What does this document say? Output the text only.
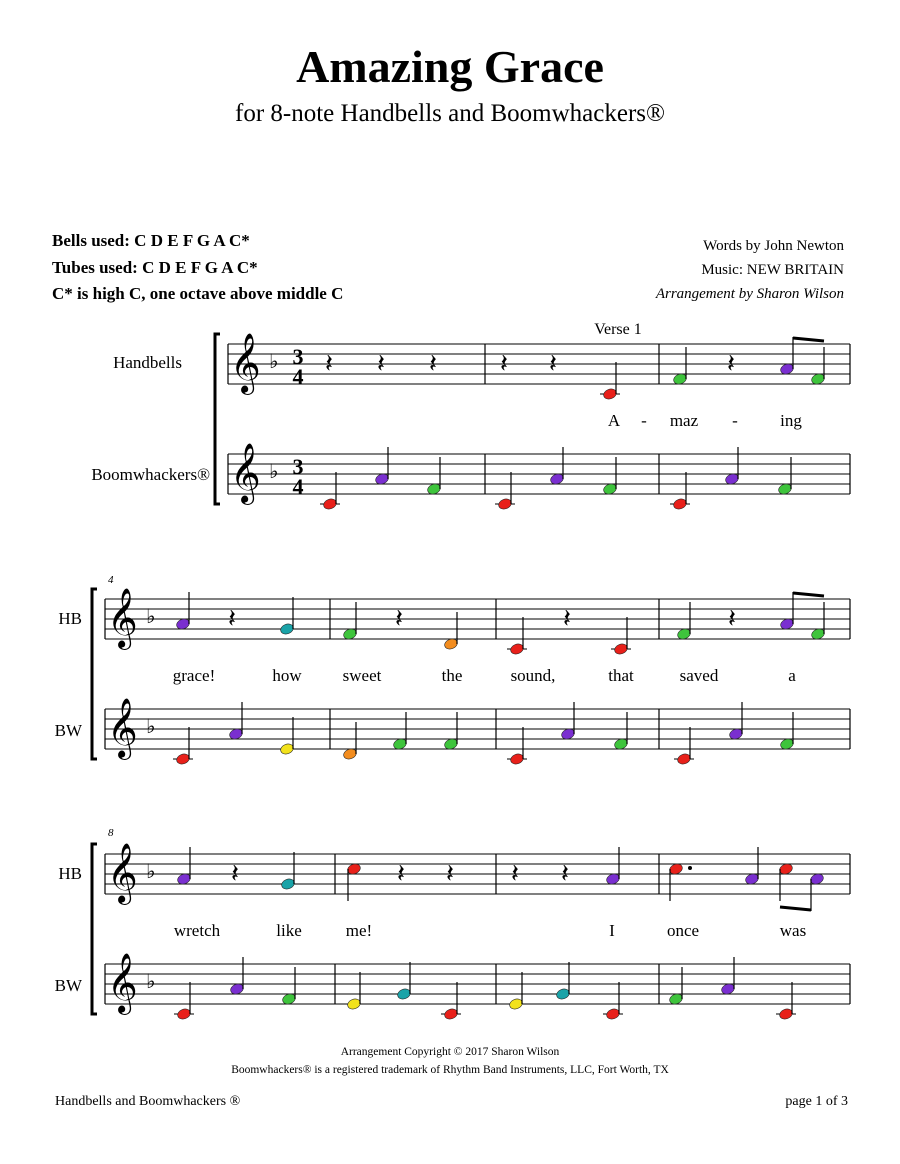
Amazing Grace
for 8-note Handbells and Boomwhackers®
Bells used: C D E F G A C*
Tubes used: C D E F G A C*
C* is high C, one octave above middle C
Words by John Newton
Music: NEW BRITAIN
Arrangement by Sharon Wilson
Verse 1
Handbells
Boomwhackers®
HB
BW
HB
BW
4
8
A - maz - ing
grace!	how sweet	the	sound,	that	saved	a
wretch	like	me!	I	once	was
3
4
3
4
𝄞 ♭
𝄞 ♭
𝄞 ♭
𝄞 ♭
𝄞 ♭
𝄞 ♭
𝄽 𝄽 𝄽 𝄽 𝄽	𝄽
𝄽	𝄽	𝄽	𝄽
𝄽	𝄽 𝄽 𝄽 𝄽
Arrangement Copyright © 2017 Sharon Wilson
Boomwhackers® is a registered trademark of Rhythm Band Instruments, LLC, Fort Worth, TX
Handbells and Boomwhackers ®	page 1 of 3
